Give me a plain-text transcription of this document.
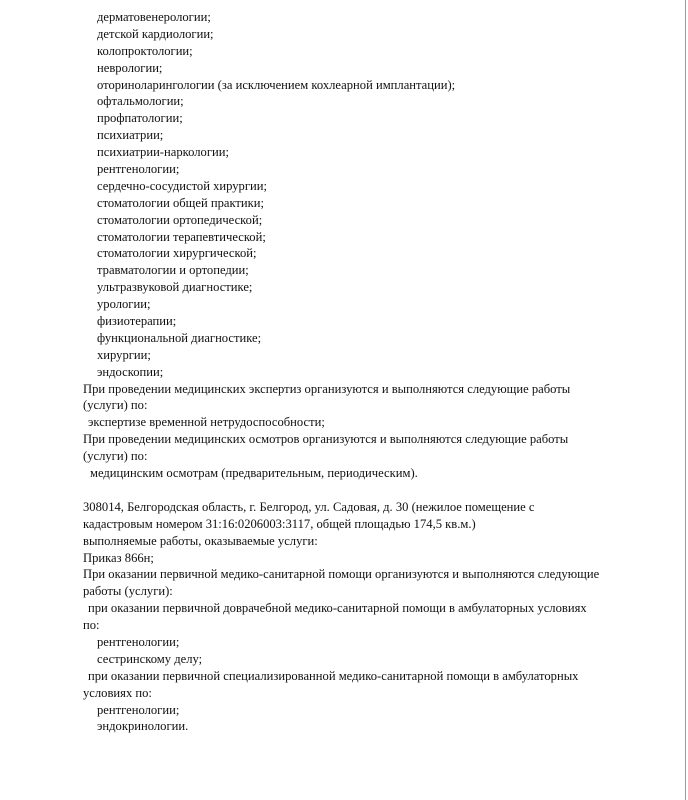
дерматовенерологии;
детской кардиологии;
колопроктологии;
неврологии;
оториноларингологии (за исключением кохлеарной имплантации);
офтальмологии;
профпатологии;
психиатрии;
психиатрии-наркологии;
рентгенологии;
сердечно-сосудистой хирургии;
стоматологии общей практики;
стоматологии ортопедической;
стоматологии терапевтической;
стоматологии хирургической;
травматологии и ортопедии;
ультразвуковой диагностике;
урологии;
физиотерапии;
функциональной диагностике;
хирургии;
эндоскопии;
При проведении медицинских экспертиз организуются и выполняются следующие работы
(услуги) по:
экспертизе временной нетрудоспособности;
При проведении медицинских осмотров организуются и выполняются следующие работы
(услуги) по:
медицинским осмотрам (предварительным, периодическим).
308014, Белгородская область, г. Белгород, ул. Садовая, д. 30 (нежилое помещение с
кадастровым номером 31:16:0206003:3117, общей площадью 174,5 кв.м.)
выполняемые работы, оказываемые услуги:
Приказ 866н;
При оказании первичной медико-санитарной помощи организуются и выполняются следующие
работы (услуги):
при оказании первичной доврачебной медико-санитарной помощи в амбулаторных условиях
по:
рентгенологии;
сестринскому делу;
при оказании первичной специализированной медико-санитарной помощи в амбулаторных
условиях по:
рентгенологии;
эндокринологии.
